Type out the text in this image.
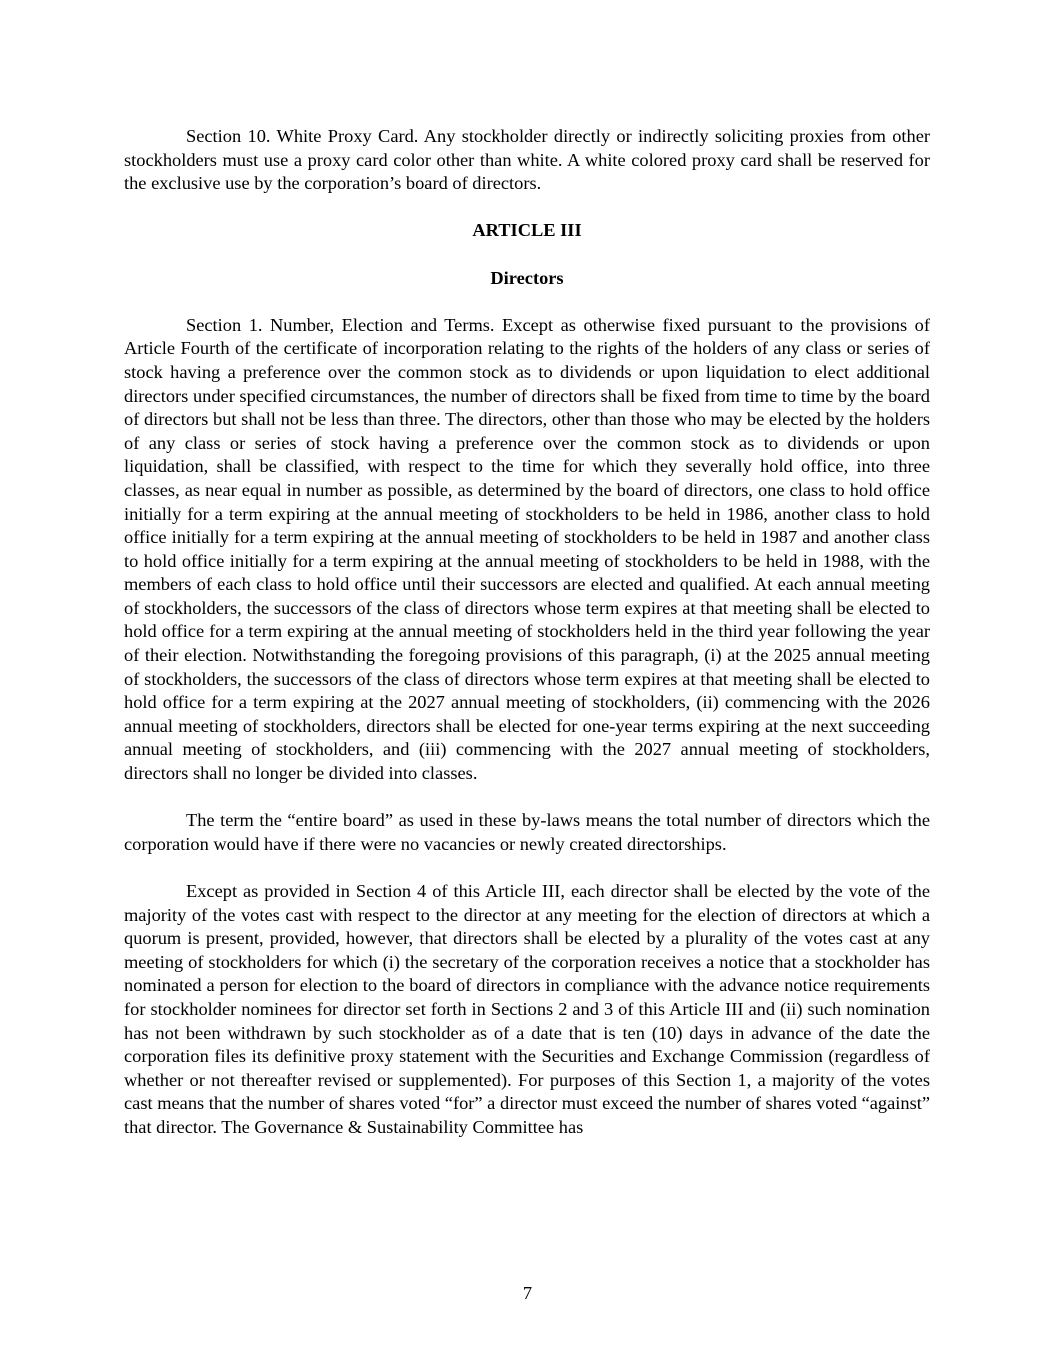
Section 10. White Proxy Card. Any stockholder directly or indirectly soliciting proxies from other stockholders must use a proxy card color other than white. A white colored proxy card shall be reserved for the exclusive use by the corporation’s board of directors.

ARTICLE III
Directors

Section 1. Number, Election and Terms. Except as otherwise fixed pursuant to the provisions of Article Fourth of the certificate of incorporation relating to the rights of the holders of any class or series of stock having a preference over the common stock as to dividends or upon liquidation to elect additional directors under specified circumstances, the number of directors shall be fixed from time to time by the board of directors but shall not be less than three. The directors, other than those who may be elected by the holders of any class or series of stock having a preference over the common stock as to dividends or upon liquidation, shall be classified, with respect to the time for which they severally hold office, into three classes, as near equal in number as possible, as determined by the board of directors, one class to hold office initially for a term expiring at the annual meeting of stockholders to be held in 1986, another class to hold office initially for a term expiring at the annual meeting of stockholders to be held in 1987 and another class to hold office initially for a term expiring at the annual meeting of stockholders to be held in 1988, with the members of each class to hold office until their successors are elected and qualified. At each annual meeting of stockholders, the successors of the class of directors whose term expires at that meeting shall be elected to hold office for a term expiring at the annual meeting of stockholders held in the third year following the year of their election. Notwithstanding the foregoing provisions of this paragraph, (i) at the 2025 annual meeting of stockholders, the successors of the class of directors whose term expires at that meeting shall be elected to hold office for a term expiring at the 2027 annual meeting of stockholders, (ii) commencing with the 2026 annual meeting of stockholders, directors shall be elected for one-year terms expiring at the next succeeding annual meeting of stockholders, and (iii) commencing with the 2027 annual meeting of stockholders, directors shall no longer be divided into classes.

The term the “entire board” as used in these by-laws means the total number of directors which the corporation would have if there were no vacancies or newly created directorships.

Except as provided in Section 4 of this Article III, each director shall be elected by the vote of the majority of the votes cast with respect to the director at any meeting for the election of directors at which a quorum is present, provided, however, that directors shall be elected by a plurality of the votes cast at any meeting of stockholders for which (i) the secretary of the corporation receives a notice that a stockholder has nominated a person for election to the board of directors in compliance with the advance notice requirements for stockholder nominees for director set forth in Sections 2 and 3 of this Article III and (ii) such nomination has not been withdrawn by such stockholder as of a date that is ten (10) days in advance of the date the corporation files its definitive proxy statement with the Securities and Exchange Commission (regardless of whether or not thereafter revised or supplemented). For purposes of this Section 1, a majority of the votes cast means that the number of shares voted “for” a director must exceed the number of shares voted “against” that director. The Governance & Sustainability Committee has

7
